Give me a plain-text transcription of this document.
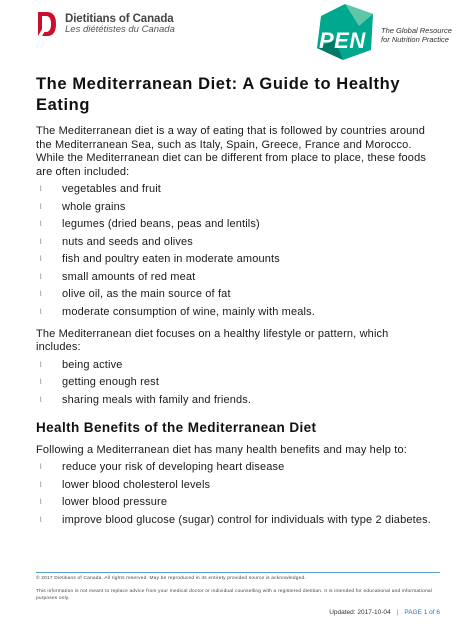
Dietitians of Canada
Les diététistes du Canada	PEN The Global Resource
for Nutrition Practice
The Mediterranean Diet: A Guide to Healthy Eating

The Mediterranean diet is a way of eating that is followed by countries around the Mediterranean Sea, such as Italy, Spain, Greece, France and Morocco. While the Mediterranean diet can be different from place to place, these foods are often included:

l	vegetables and fruit
l	whole grains
l	legumes (dried beans, peas and lentils)
l	nuts and seeds and olives
l	fish and poultry eaten in moderate amounts
l	small amounts of red meat
l	olive oil, as the main source of fat
l	moderate consumption of wine, mainly with meals.

The Mediterranean diet focuses on a healthy lifestyle or pattern, which includes:

l	being active
l	getting enough rest
l	sharing meals with family and friends.
Health Benefits of the Mediterranean Diet

Following a Mediterranean diet has many health benefits and may help to:

l	reduce your risk of developing heart disease
l	lower blood cholesterol levels
l	lower blood pressure
l	improve blood glucose (sugar) control for individuals with type 2 diabetes.
© 2017 Dietitians of Canada. All rights reserved. May be reproduced in its entirety provided source is acknowledged.
This information is not meant to replace advice from your medical doctor or individual counselling with a registered dietitian. It is intended for educational and informational purposes only.
Updated: 2017-10-04 | PAGE 1 of 6
